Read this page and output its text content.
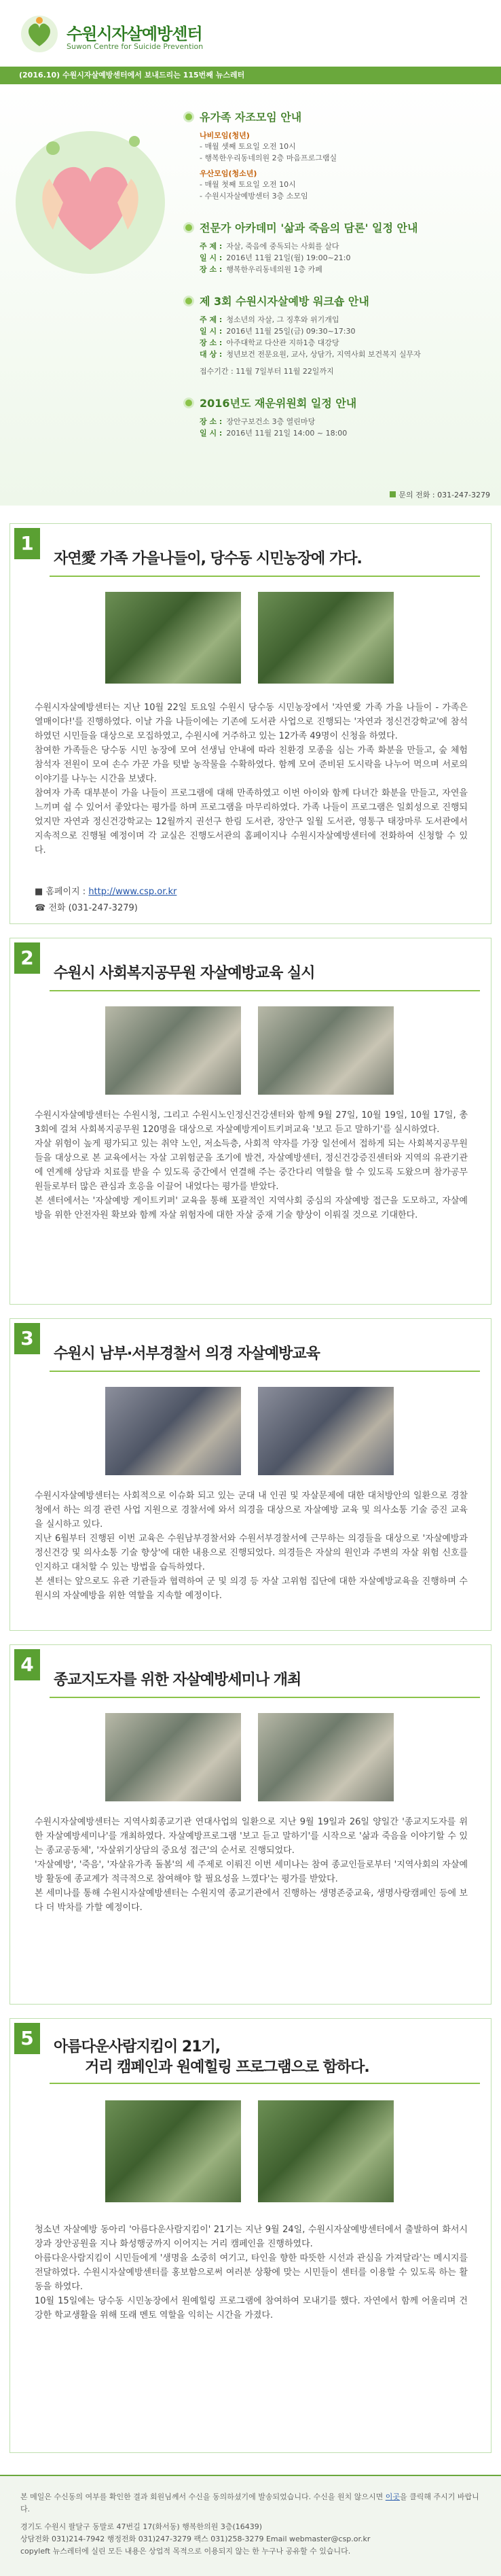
수원시자살예방센터
Suwon Centre for Suicide Prevention
(2016.10) 수원시자살예방센터에서 보내드리는 115번째 뉴스레터
유가족 자조모임 안내
나비모임(청년)
- 매월 셋째 토요일 오전 10시
- 행복한우리동네의원 2층 마음프로그램실
우산모임(청소년)
- 매월 첫째 토요일 오전 10시
- 수원시자살예방센터 3층 소모임
전문가 아카데미 '삶과 죽음의 담론' 일정 안내
주 제 : 자살, 죽음에 중독되는 사회를 살다
일 시 : 2016년 11월 21일(월) 19:00~21:0
장 소 : 행복한우리동네의원 1층 카페
제 3회 수원시자살예방 워크숍 안내
주 제 : 청소년의 자살, 그 징후와 위기개입
일 시 : 2016년 11월 25일(금) 09:30~17:30
장 소 : 아주대학교 다산관 지하1층 대강당
대 상 : 청년보건 전문요원, 교사, 상담가, 지역사회 보건복지 실무자
접수기간 : 11월 7일부터 11월 22일까지
2016년도 재운위원회 일정 안내
장 소 : 장안구보건소 3층 열린마당
일 시 : 2016년 11월 21일 14:00 ~ 18:00
문의 전화 : 031-247-3279
1
자연愛 가족 가을나들이, 당수동 시민농장에 가다.

수원시자살예방센터는 지난 10월 22일 토요일 수원시 당수동 시민농장에서 '자연愛 가족 가을 나들이 - 가족은 열매이다!'를 진행하였다. 이날 가을 나들이에는 기존에 도서관 사업으로 진행되는 '자연과 정신건강학교'에 참석하였던 시민들을 대상으로 모집하였고, 수원시에 거주하고 있는 12가족 49명이 신청을 하였다.

참여한 가족들은 당수동 시민 농장에 모여 선생님 안내에 따라 친환경 모종을 심는 가족 화분을 만들고, 숲 체험 참석자 전원이 모여 손수 가꾼 가을 텃밭 농작물을 수확하였다. 함께 모여 준비된 도시락을 나누어 먹으며 서로의 이야기를 나누는 시간을 보냈다.

참여자 가족 대부분이 가을 나들이 프로그램에 대해 만족하였고 이번 아이와 함께 다녀간 화분을 만들고, 자연을 느끼며 쉴 수 있어서 좋았다는 평가를 하며 프로그램을 마무리하였다. 가족 나들이 프로그램은 일회성으로 진행되었지만 자연과 정신건강학교는 12월까지 권선구 한림 도서관, 장안구 일월 도서관, 영통구 태장마루 도서관에서 지속적으로 진행될 예정이며 각 교실은 진행도서관의 홈페이지나 수원시자살예방센터에 전화하여 신청할 수 있다.

■ 홈페이지 : http://www.csp.or.kr
☎ 전화 (031-247-3279)
2
수원시 사회복지공무원 자살예방교육 실시

수원시자살예방센터는 수원시청, 그리고 수원시노인정신건강센터와 함께 9월 27일, 10월 19일, 10월 17일, 총 3회에 걸쳐 사회복지공무원 120명을 대상으로 자살예방게이트키퍼교육 '보고 듣고 말하기'를 실시하였다.

자살 위험이 높게 평가되고 있는 취약 노인, 저소득층, 사회적 약자를 가장 일선에서 접하게 되는 사회복지공무원들을 대상으로 본 교육에서는 자살 고위험군을 조기에 발견, 자살예방센터, 정신건강증진센터와 지역의 유관기관에 연계해 상담과 치료를 받을 수 있도록 중간에서 연결해 주는 중간다리 역할을 할 수 있도록 도왔으며 참가공무원들로부터 많은 관심과 호응을 이끌어 내었다는 평가를 받았다.

본 센터에서는 '자살예방 게이트키퍼' 교육을 통해 포괄적인 지역사회 중심의 자살예방 접근을 도모하고, 자살예방을 위한 안전자원 확보와 함께 자살 위험자에 대한 자살 중재 기술 향상이 이뤄질 것으로 기대한다.

3
수원시 남부·서부경찰서 의경 자살예방교육

수원시자살예방센터는 사회적으로 이슈화 되고 있는 군대 내 인권 및 자살문제에 대한 대처방안의 일환으로 경찰청에서 하는 의경 관련 사업 지원으로 경찰서에 와서 의경을 대상으로 자살예방 교육 및 의사소통 기술 증진 교육을 실시하고 있다.

지난 6월부터 진행된 이번 교육은 수원남부경찰서와 수원서부경찰서에 근무하는 의경들을 대상으로 '자살예방과 정신건강 및 의사소통 기술 향상'에 대한 내용으로 진행되었다. 의경들은 자살의 원인과 주변의 자살 위험 신호를 인지하고 대처할 수 있는 방법을 습득하였다.

본 센터는 앞으로도 유관 기관들과 협력하여 군 및 의경 등 자살 고위험 집단에 대한 자살예방교육을 진행하며 수원시의 자살예방을 위한 역할을 지속할 예정이다.

4
종교지도자를 위한 자살예방세미나 개최

수원시자살예방센터는 지역사회종교기관 연대사업의 일환으로 지난 9월 19일과 26일 양일간 '종교지도자를 위한 자살예방세미나'를 개최하였다. 자살예방프로그램 '보고 듣고 말하기'를 시작으로 '삶과 죽음을 이야기할 수 있는 종교공동체', '자살위기상담의 중요성 접근'의 순서로 진행되었다.

'자살예방', '죽음', '자살유가족 돌봄'의 세 주제로 이뤄진 이번 세미나는 참여 종교인들로부터 '지역사회의 자살예방 활동에 종교계가 적극적으로 참여해야 할 필요성을 느꼈다'는 평가를 받았다.

본 세미나를 통해 수원시자살예방센터는 수원지역 종교기관에서 진행하는 생명존중교육, 생명사랑캠페인 등에 보다 더 박차를 가할 예정이다.

5	아름다운사람지킴이 21기,
거리 캠페인과 원예힐링 프로그램으로 함하다.

청소년 자살예방 동아리 '아름다운사람지킴이' 21기는 지난 9월 24일, 수원시자살예방센터에서 출발하여 화서시장과 장안공원을 지나 화성행궁까지 이어지는 거리 캠페인을 진행하였다.

아름다운사람지킴이 시민들에게 '생명을 소중히 여기고, 타인을 향한 따뜻한 시선과 관심을 가져달라'는 메시지를 전달하였다. 수원시자살예방센터를 홍보함으로써 여러분 상황에 맞는 시민들이 센터를 이용할 수 있도록 하는 활동을 하였다.

10월 15일에는 당수동 시민농장에서 원예힐링 프로그램에 참여하여 모내기를 했다. 자연에서 함께 어울리며 건강한 학교생활을 위해 또래 멘토 역할을 익히는 시간을 가졌다.

본 메일은 수신동의 여부를 확인한 결과 회원님께서 수신을 동의하셨기에 발송되었습니다. 수신을 원치 않으시면 이곳을 클릭해 주시기 바랍니다.
경기도 수원시 팔달구 동말로 47번길 17(화서동) 행복한의원 3층(16439)
상담전화 031)214-7942 행정전화 031)247-3279 팩스 031)258-3279 Email webmaster@csp.or.kr
copyleft 뉴스레터에 실린 모든 내용은 상업적 목적으로 이용되지 않는 한 누구나 공유할 수 있습니다.
